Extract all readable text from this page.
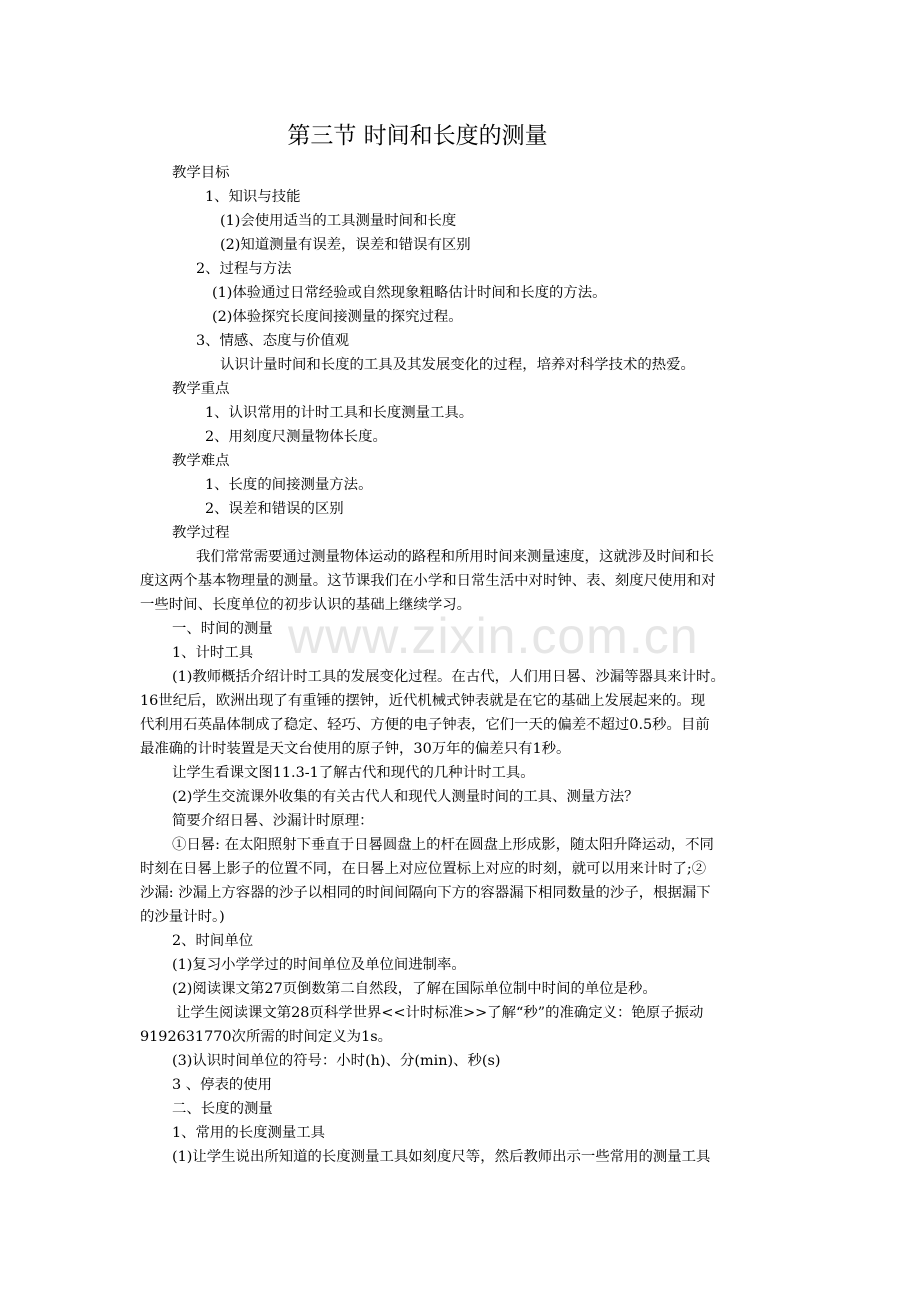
www.zixin.com.cn
第三节 时间和长度的测量
教学目标
1、知识与技能
(1)会使用适当的工具测量时间和长度
(2)知道测量有误差，误差和错误有区别
2、过程与方法
(1)体验通过日常经验或自然现象粗略估计时间和长度的方法。
(2)体验探究长度间接测量的探究过程。
3、情感、态度与价值观
认识计量时间和长度的工具及其发展变化的过程，培养对科学技术的热爱。
教学重点
1、认识常用的计时工具和长度测量工具。
2、用刻度尺测量物体长度。
教学难点
1、长度的间接测量方法。
2、误差和错误的区别
教学过程
我们常常需要通过测量物体运动的路程和所用时间来测量速度，这就涉及时间和长
度这两个基本物理量的测量。这节课我们在小学和日常生活中对时钟、表、刻度尺使用和对
一些时间、长度单位的初步认识的基础上继续学习。
一、时间的测量
1、计时工具
(1)教师概括介绍计时工具的发展变化过程。在古代，人们用日晷、沙漏等器具来计时。
16世纪后，欧洲出现了有重锤的摆钟，近代机械式钟表就是在它的基础上发展起来的。现
代利用石英晶体制成了稳定、轻巧、方便的电子钟表，它们一天的偏差不超过0.5秒。目前
最准确的计时装置是天文台使用的原子钟，30万年的偏差只有1秒。
让学生看课文图11.3-1了解古代和现代的几种计时工具。
(2)学生交流课外收集的有关古代人和现代人测量时间的工具、测量方法？
简要介绍日晷、沙漏计时原理：
①日晷: 在太阳照射下垂直于日晷圆盘上的杆在圆盘上形成影，随太阳升降运动，不同
时刻在日晷上影子的位置不同，在日晷上对应位置标上对应的时刻，就可以用来计时了;②
沙漏: 沙漏上方容器的沙子以相同的时间间隔向下方的容器漏下相同数量的沙子，根据漏下
的沙量计时。)
2、时间单位
(1)复习小学学过的时间单位及单位间进制率。
(2)阅读课文第27页倒数第二自然段，了解在国际单位制中时间的单位是秒。
让学生阅读课文第28页科学世界<<计时标准>>了解“秒”的准确定义：铯原子振动
9192631770次所需的时间定义为1s。
(3)认识时间单位的符号：小时(h)、分(min)、秒(s)
3 、停表的使用
二、长度的测量
1、常用的长度测量工具
(1)让学生说出所知道的长度测量工具如刻度尺等，然后教师出示一些常用的测量工具
